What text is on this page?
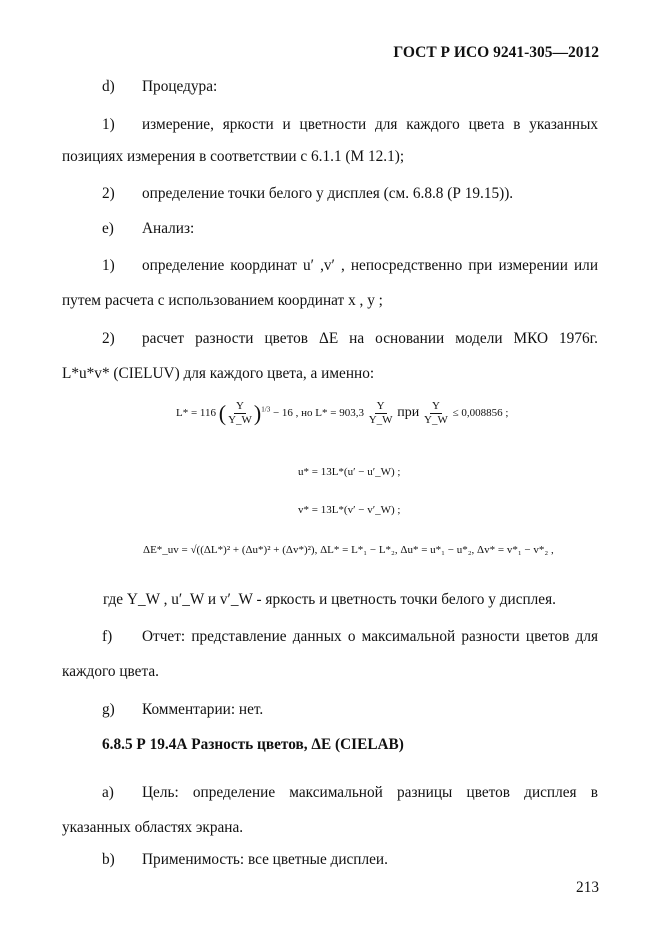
ГОСТ Р ИСО 9241-305—2012
d) Процедура:
1) измерение, яркости и цветности для каждого цвета в указанных
позициях измерения в соответствии с 6.1.1 (М 12.1);
2) определение точки белого у дисплея (см. 6.8.8 (Р 19.15)).
e) Анализ:
1) определение координат u′ ,v′ , непосредственно при измерении или
путем расчета с использованием координат x , y ;
2) расчет разности цветов ΔE на основании модели МКО 1976г.
L*u*v* (CIELUV) для каждого цвета, а именно:
L* = 116 ( $\frac{Y}{Y\_W} )^{1/3} - 16$ , но $L* = 903,3 \frac{Y}{Y\_W}$ при $\frac{Y}{Y\_W} \le 0,008856$ ;
u* = 13L*(u′ − u′_W) ;
v* = 13L*(v′ − v′_W) ;
ΔE*_uv = √((ΔL*)² + (Δu*)² + (Δv*)²), ΔL* = L*₁ − L*₂, Δu* = u*₁ − u*₂, Δv* = v*₁ − v*₂ ,
где Y_W , u′_W и v′_W - яркость и цветность точки белого у дисплея.
f) Отчет: представление данных о максимальной разности цветов для
каждого цвета.
g) Комментарии: нет.
6.8.5 Р 19.4А Разность цветов, ΔE (CIELAB)
a) Цель: определение максимальной разницы цветов дисплея в
указанных областях экрана.
b) Применимость: все цветные дисплеи.
213
